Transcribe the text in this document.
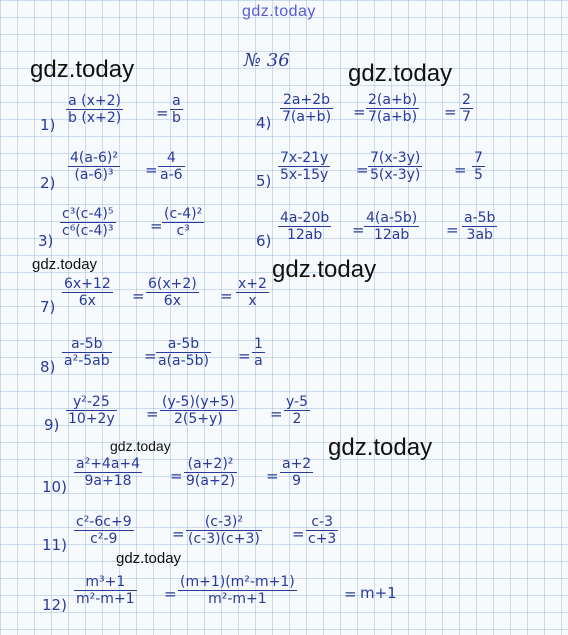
gdz.today
gdz.today	gdz.today
gdz.today	gdz.today
gdz.today	gdz.today
gdz.today
№ 36
1)
a (x+2)
b (x+2) =
a
b
2)
4(a-6)²
(a-6)³ =
4
a-6
3)
c³(c-4)⁵
c⁶(c-4)³ =
(c-4)²
c³
4)
2a+2b
7(a+b) =
2(a+b)
7(a+b) =
2
7
5)
7x-21y
5x-15y =
7(x-3y)
5(x-3y) =
7
5
6)
4a-20b
12ab =
4(a-5b)
12ab =
a-5b
3ab
7)
6x+12
6x =
6(x+2)
6x	=
x+2
x
8)
a-5b
a²-5ab =
a-5b
a(a-5b) =
1
a
9)
y²-25
10+2y =
(y-5)(y+5)
2(5+y)	=
y-5
2
10)
a²+4a+4
9a+18	=
(a+2)²
9(a+2) =
a+2
9
11)
c²-6c+9
c²-9	=
(c-3)²
(c-3)(c+3) =
c-3
c+3
12)
m³+1
m²-m+1 =
(m+1)(m²-m+1)
m²-m+1	= m+1
